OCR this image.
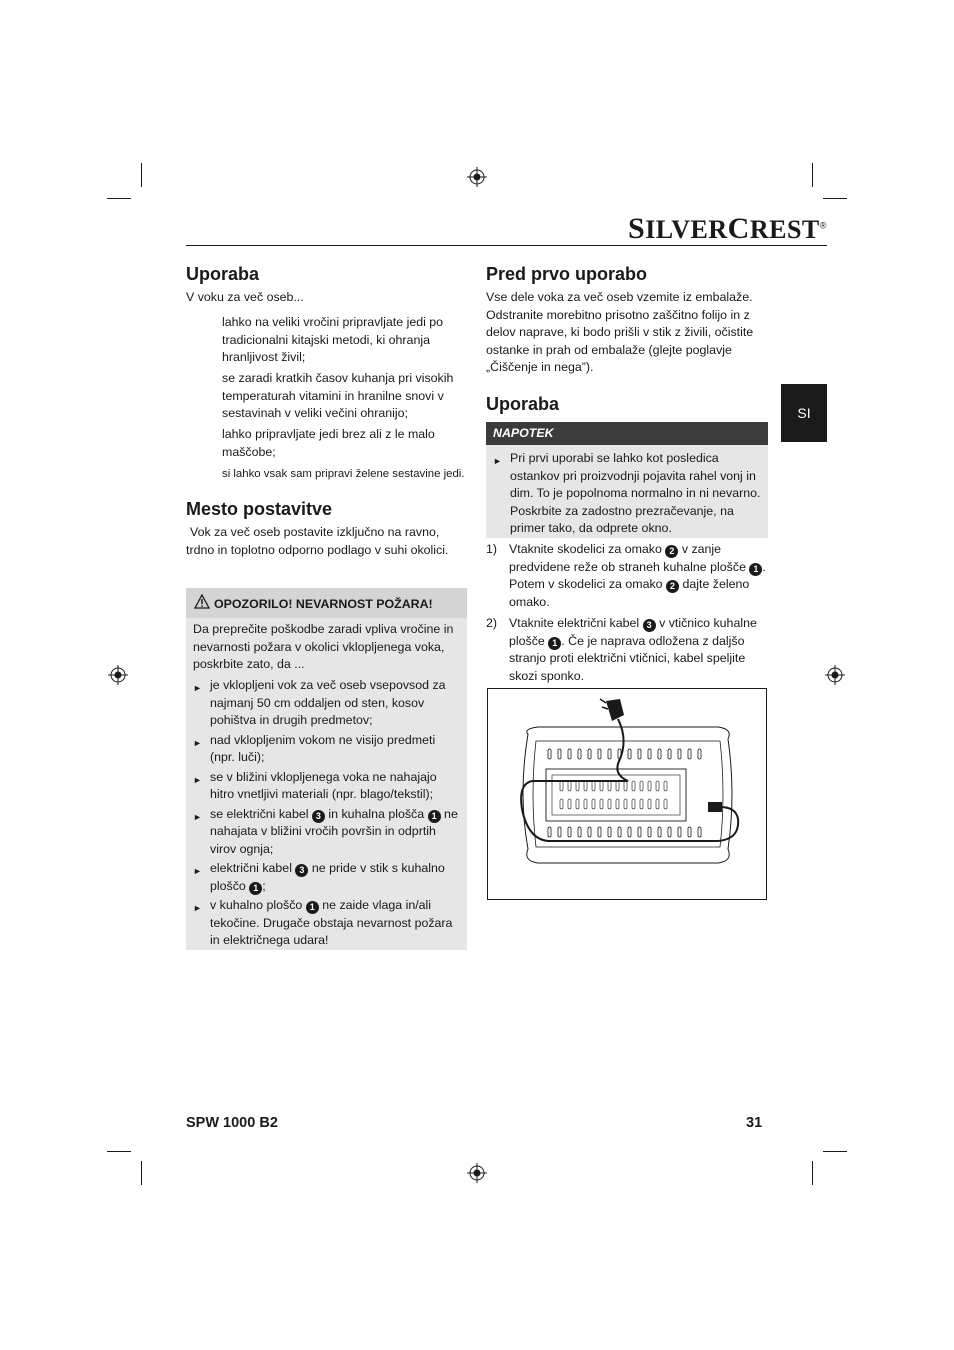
SILVERCREST®
SI
Uporaba
V voku za več oseb...
lahko na veliki vročini pripravljate jedi po tradicionalni kitajski metodi, ki ohranja hranljivost živil;
se zaradi kratkih časov kuhanja pri visokih temperaturah vitamini in hranilne snovi v sestavinah v veliki večini ohranijo;
lahko pripravljate jedi brez ali z le malo maščobe;
si lahko vsak sam pripravi želene sestavine jedi.
Mesto postavitve
Vok za več oseb postavite izključno na ravno, trdno in toplotno odporno podlago v suhi okolici.
OPOZORILO! NEVARNOST POŽARA!
Da preprečite poškodbe zaradi vpliva vročine in nevarnosti požara v okolici vklopljenega voka, poskrbite zato, da ...
► je vklopljeni vok za več oseb vsepovsod za najmanj 50 cm oddaljen od sten, kosov pohištva in drugih predmetov;
► nad vklopljenim vokom ne visijo predmeti (npr. luči);
► se v bližini vklopljenega voka ne nahajajo hitro vnetljivi materiali (npr. blago/tekstil);
► se električni kabel 3 in kuhalna plošča 1 ne nahajata v bližini vročih površin in odprtih virov ognja;
► električni kabel 3 ne pride v stik s kuhalno ploščo 1 ;
► v kuhalno ploščo 1 ne zaide vlaga in/ali tekočine. Drugače obstaja nevarnost požara in električnega udara!
Pred prvo uporabo
Vse dele voka za več oseb vzemite iz embalaže. Odstranite morebitno prisotno zaščitno folijo in z delov naprave, ki bodo prišli v stik z živili, očistite ostanke in prah od embalaže (glejte poglavje „Čiščenje in nega”).
Uporaba
NAPOTEK
► Pri prvi uporabi se lahko kot posledica ostankov pri proizvodnji pojavita rahel vonj in dim. To je popolnoma normalno in ni nevarno. Poskrbite za zadostno prezračevanje, na primer tako, da odprete okno.
1) Vtaknite skodelici za omako 2 v zanje predvidene reže ob straneh kuhalne plošče 1 . Potem v skodelici za omako 2 dajte želeno omako.
2) Vtaknite električni kabel 3 v vtičnico kuhalne plošče 1 . Če je naprava odložena z daljšo stranjo proti električni vtičnici, kabel speljite skozi sponko.
SPW 1000 B2	31
